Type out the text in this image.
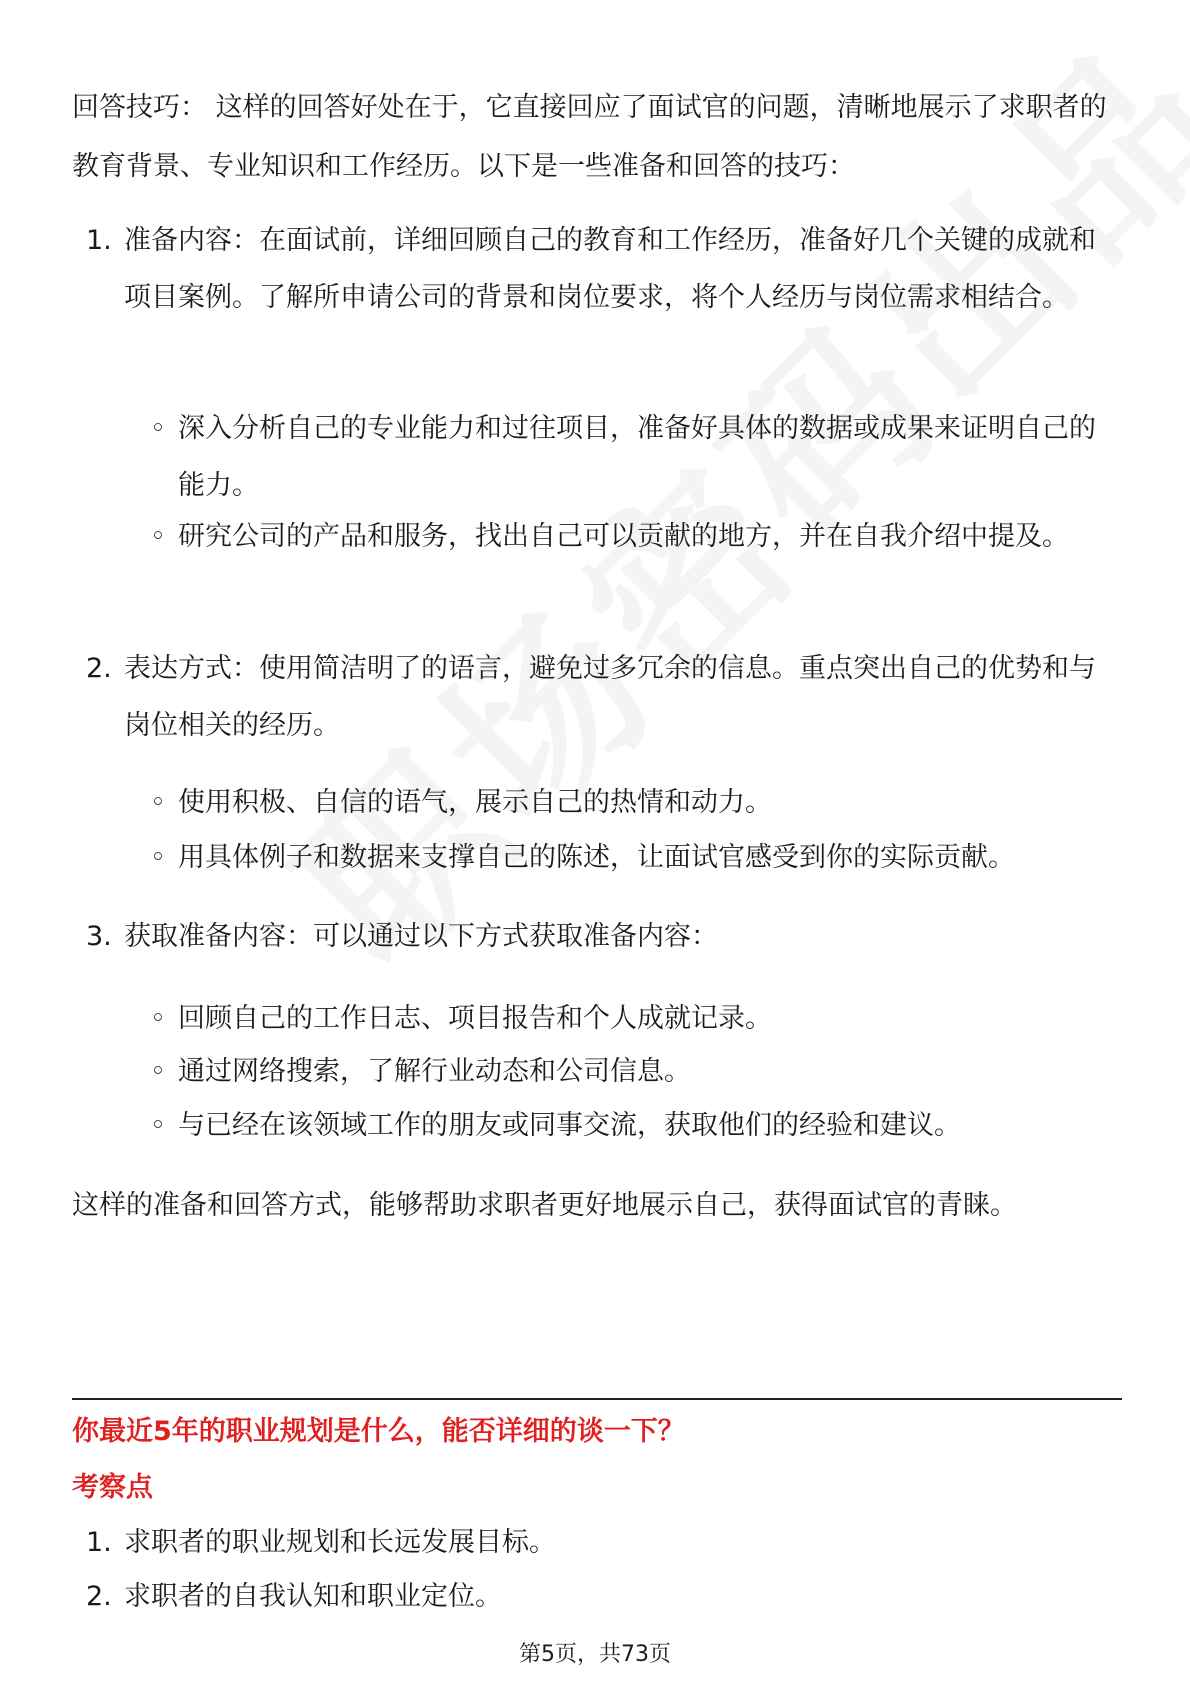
回答技巧： 这样的回答好处在于，它直接回应了面试官的问题，清晰地展示了求职者的教育背景、专业知识和工作经历。以下是一些准备和回答的技巧：

1. 准备内容：在面试前，详细回顾自己的教育和工作经历，准备好几个关键的成就和项目案例。了解所申请公司的背景和岗位要求，将个人经历与岗位需求相结合。
◦ 深入分析自己的专业能力和过往项目，准备好具体的数据或成果来证明自己的能力。
◦ 研究公司的产品和服务，找出自己可以贡献的地方，并在自我介绍中提及。
2. 表达方式：使用简洁明了的语言，避免过多冗余的信息。重点突出自己的优势和与岗位相关的经历。
◦ 使用积极、自信的语气，展示自己的热情和动力。
◦ 用具体例子和数据来支撑自己的陈述，让面试官感受到你的实际贡献。
3. 获取准备内容：可以通过以下方式获取准备内容：
◦ 回顾自己的工作日志、项目报告和个人成就记录。
◦ 通过网络搜索，了解行业动态和公司信息。
◦ 与已经在该领域工作的朋友或同事交流，获取他们的经验和建议。

这样的准备和回答方式，能够帮助求职者更好地展示自己，获得面试官的青睐。

你最近5年的职业规划是什么，能否详细的谈一下？
考察点
1. 求职者的职业规划和长远发展目标。
2. 求职者的自我认知和职业定位。
第5页，共73页
